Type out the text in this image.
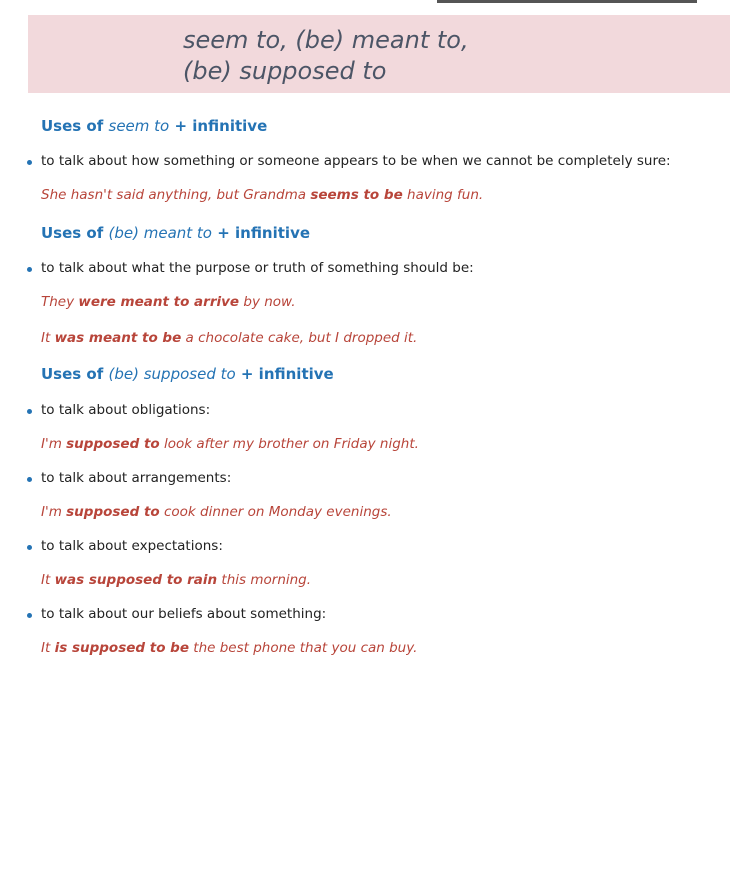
seem to, (be) meant to,
(be) supposed to
Uses of seem to + infinitive

to talk about how something or someone appears to be when we cannot be completely sure:

She hasn't said anything, but Grandma seems to be having fun.

Uses of (be) meant to + infinitive

to talk about what the purpose or truth of something should be:

They were meant to arrive by now.

It was meant to be a chocolate cake, but I dropped it.

Uses of (be) supposed to + infinitive

to talk about obligations:

I'm supposed to look after my brother on Friday night.

to talk about arrangements:

I'm supposed to cook dinner on Monday evenings.

to talk about expectations:

It was supposed to rain this morning.

to talk about our beliefs about something:

It is supposed to be the best phone that you can buy.
